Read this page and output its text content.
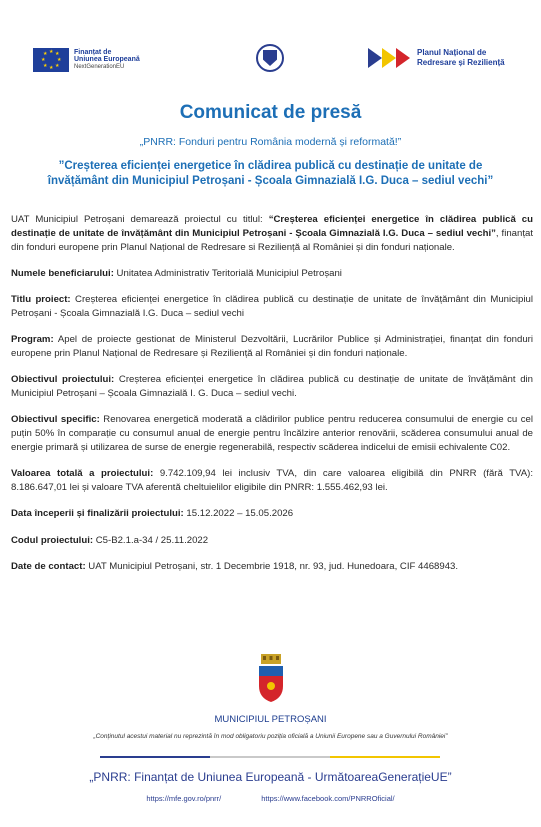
★ ★
★
★
★
★
★
★	Finanțat de
Uniunea Europeană
NextGenerationEU
Planul Național de
Redresare și Reziliență
Comunicat de presă
„PNRR: Fonduri pentru România modernă și reformată!”
”Creșterea eficienței energetice în clădirea publică cu destinație de unitate de învățământ din Municipiul Petroșani - Școala Gimnazială I.G. Duca – sediul vechi”

UAT Municipiul Petroșani demarează proiectul cu titlul: “Creșterea eficienței energetice în clădirea publică cu destinație de unitate de învățământ din Municipiul Petroșani - Școala Gimnazială I.G. Duca – sediul vechi”, finanțat din fonduri europene prin Planul Național de Redresare si Reziliență al României și din fonduri naționale.

Numele beneficiarului: Unitatea Administrativ Teritorială Municipiul Petroșani

Titlu proiect: Creșterea eficienței energetice în clădirea publică cu destinație de unitate de învățământ din Municipiul Petroșani - Școala Gimnazială I.G. Duca – sediul vechi

Program: Apel de proiecte gestionat de Ministerul Dezvoltării, Lucrărilor Publice și Administrației, finanțat din fonduri europene prin Planul Național de Redresare și Reziliență al României și din fonduri naționale.

Obiectivul proiectului: Creșterea eficienței energetice în clădirea publică cu destinație de unitate de învățământ din Municipiul Petroșani – Școala Gimnazială I. G. Duca – sediul vechi.

Obiectivul specific: Renovarea energetică moderată a clădirilor publice pentru reducerea consumului de energie cu cel puțin 50% în comparație cu consumul anual de energie pentru încălzire anterior renovării, scăderea consumului anual de energie primară și utilizarea de surse de energie regenerabilă, respectiv scăderea indicelui de emisii echivalente C02.

Valoarea totală a proiectului: 9.742.109,94 lei inclusiv TVA, din care valoarea eligibilă din PNRR (fără TVA): 8.186.647,01 lei și valoare TVA aferentă cheltuielilor eligibile din PNRR: 1.555.462,93 lei.

Data începerii și finalizării proiectului: 15.12.2022 – 15.05.2026

Codul proiectului: C5-B2.1.a-34 / 25.11.2022

Date de contact: UAT Municipiul Petroșani, str. 1 Decembrie 1918, nr. 93, jud. Hunedoara, CIF 4468943.

MUNICIPIUL PETROȘANI
„Conținutul acestui material nu reprezintă în mod obligatoriu poziția oficială a Uniunii Europene sau a Guvernului României”
„PNRR: Finanțat de Uniunea Europeană - UrmătoareaGenerațieUE”
https://mfe.gov.ro/pnrr/	https://www.facebook.com/PNRROficial/
